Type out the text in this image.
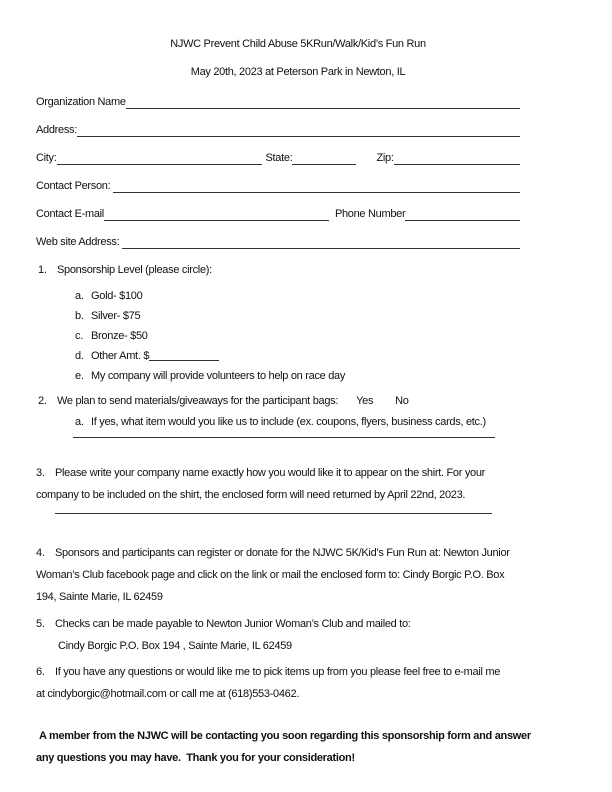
NJWC Prevent Child Abuse 5KRun/Walk/Kid’s Fun Run
May 20th, 2023 at Peterson Park in Newton, IL
Organization Name
Address:
City:	State:	Zip:
Contact Person:
Contact E-mail	Phone Number
Web site Address:
1. Sponsorship Level (please circle):
a. Gold- $100
b. Silver- $75
c. Bronze- $50
d. Other Amt. $
e. My company will provide volunteers to help on race day
2. We plan to send materials/giveaways for the participant bags: Yes No
a. If yes, what item would you like us to include (ex. coupons, flyers, business cards, etc.)
3. Please write your company name exactly how you would like it to appear on the shirt. For your
company to be included on the shirt, the enclosed form will need returned by April 22nd, 2023.
4. Sponsors and participants can register or donate for the NJWC 5K/Kid’s Fun Run at: Newton Junior
Woman’s Club facebook page and click on the link or mail the enclosed form to: Cindy Borgic P.O. Box
194, Sainte Marie, IL 62459
5. Checks can be made payable to Newton Junior Woman’s Club and mailed to:
Cindy Borgic P.O. Box 194 , Sainte Marie, IL 62459
6. If you have any questions or would like me to pick items up from you please feel free to e-mail me
at cindyborgic@hotmail.com or call me at (618)553-0462.
A member from the NJWC will be contacting you soon regarding this sponsorship form and answer
any questions you may have.  Thank you for your consideration!
